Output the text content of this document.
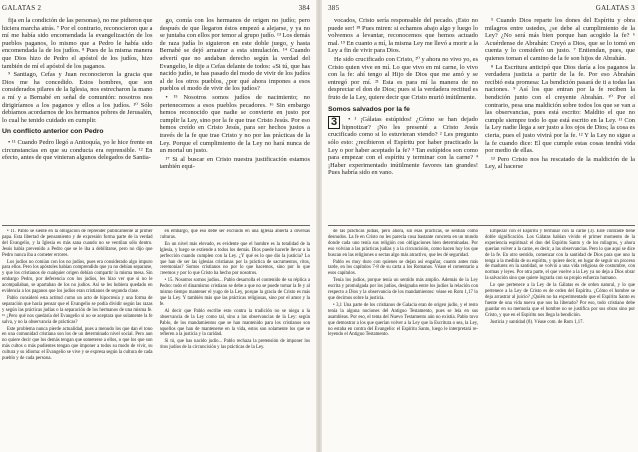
GALATAS 2	384

fija en la condición de las personas), no me pidieron que hiciera marcha atrás. ⁷ Por el contrario, reconocieron que a mí me había sido encomendada la evangelización de los pueblos paganos, lo mismo que a Pedro le había sido encomendada la de los judíos. ⁸ Pues de la misma manera que Dios hizo de Pedro el apóstol de los judíos, hizo también de mí el apóstol de los paganos.

⁹ Santiago, Cefas y Juan reconocieron la gracia que Dios me ha concedido. Estos hombres, que son considerados pilares de la Iglesia, nos estrecharon la mano a mí y a Bernabé en señal de comunión: nosotros nos dirigiríamos a los paganos y ellos a los judíos. ¹⁰ Sólo debíamos acordarnos de los hermanos pobres de Jerusalén, lo cual he tenido cuidado en cumplir.

Un conflicto anterior con Pedro

• ¹¹ Cuando Pedro llegó a Antioquía, yo le hice frente en circunstancias en que su conducta era reprensible. ¹² En efecto, antes de que vinieran algunos delegados de Santia-

go, comía con los hermanos de origen no judío; pero después de que llegaron éstos empezó a alejarse, y ya no se juntaba con ellos por temor al grupo judío. ¹³ Los demás de raza judía lo siguieron en este doble juego, y hasta Bernabé se dejó arrastrar a esta simulación. ¹⁴ Cuando advertí que no andaban derecho según la verdad del Evangelio, le dije a Cefas delante de todos: «Si tú, que has nacido judío, te has pasado del modo de vivir de los judíos al de los otros pueblos, ¿por qué ahora impones a esos pueblos el modo de vivir de los judíos?

• ¹⁵ Nosotros somos judíos de nacimiento; no pertenecemos a esos pueblos pecadores. ¹⁶ Sin embargo hemos reconocido que nadie se convierte en justo por cumplir la Ley, sino por la fe que trae Cristo Jesús. Por eso hemos creído en Cristo Jesús, para ser hechos justos a través de la fe que trae Cristo y no por las prácticas de la Ley. Porque el cumplimiento de la Ley no hará nunca de un mortal un justo.

¹⁷ Si al buscar en Cristo nuestra justificación estamos también equi-

• 11. Pablo se siente en la obligación de reprender públicamente al primer papa. Esta libertad de pensamiento y de expresión forma parte de la verdad del Evangelio, y la Iglesia es más sana cuando no se ventilan sólo dentro. Jesús había prevenido a Pedro que se le iba a debilitarse, pero no dijo que Pedro nunca iba a cometer errores.

Los judíos no comían con los no judíos, pues era considerado algo impuro para ellos. Pero los apóstoles habían comprendido que ya no debían separarse, y que los cristianos de cualquier origen debían compartir la misma mesa. Sin embargo Pedro, por deferencia con los judíos, les hizo ver que si no le acompañaban, se apartaban de los no judíos. Así se les hubiera quedado en evidencia a los paganos que los judíos eran cristianos de segunda clase.

Pablo consideró esta actitud como un acto de hipocresía y una forma de separación que hacía pensar que el Evangelio se podía dividir según las razas y según las prácticas judías o la separación de los hermanos de una misma fe. ¹⁶ ¿Pero qué nos quedaría del Evangelio si no se aceptara que solamente la fe salva, y no la observancia de prácticas?

Este problema nunca pierde actualidad, pues a menudo los que dan el tono en una comunidad cristiana son los de un determinado nivel social. Pero aun no quiere decir que los demás tengan que someterse a ellos, o que los que son más cultos o más pudientes tengan que imponer a todos su modo de vivir, su cultura y su idioma: el Evangelio se vive y se expresa según la cultura de cada pueblo y de cada persona.

en embargo, que eso debe ser excluido en una Iglesia abierta a diversas culturas.

En un nivel más elevado, es evidente que el hombre es la totalidad de la Iglesia, y luego se extiende a todos los demás. Dios puede hacerle llevar a la perfección cuando cumplen con la Ley. ¿Y qué es lo que dio la justicia? Lo que han de ser las iglesias cristianas por la práctica de sacramentos, ritos, ceremonias? Somos cristianos no por lo que hacemos, sino por lo que creemos y por lo que Cristo ha hecho por nosotros.

• 15. Nosotros somos judíos... Pablo desarrolla el contenido de su réplica a Pedro: todo el dinamismo cristiano se debe a que no se puede tomar la fe y al mismo tiempo mantener el yugo de la Ley, porque la gracia de Cristo es más que la Ley. Y también más que las prácticas religiosas, sino por el amor y la fe.

Al decir que Pablo escribe esto contra la tradición no se niega a la observancia de la Ley como tal, sino a las observancias de la Ley: según Pablo, de los mandamientos que se han mantenido para los cristianos son aquellos que han de mantenerse en la vida, estos son solamente los que se refieren a la justicia y la caridad.

Si tú, que has nacido judío... Pablo rechaza la pretensión de imponer los ritos judíos de la circuncisión y las prácticas de la Ley.

385	GALATAS 3

vocados, Cristo sería responsable del pecado. ¡Esto no puede ser! ¹⁸ Pues miren: si echamos abajo algo y luego lo volvemos a levantar, reconocemos que hemos actuado mal. ¹⁹ En cuanto a mí, la misma Ley me llevó a morir a la Ley a fin de vivir para Dios.

He sido crucificado con Cristo, ²⁰ y ahora no vivo yo, es Cristo quien vive en mí. Lo que vivo en mi carne, lo vivo con la fe: ahí tengo al Hijo de Dios que me amó y se entregó por mí. ²¹ Esta es para mí la manera de no despreciar el don de Dios; pues si la verdadera rectitud es fruto de la Ley, quiere decir que Cristo murió inútilmente.

Somos salvados por la fe
3	• ¹ ¡Gálatas estúpidos! ¿Cómo se han dejado hipnotizar? ¡No les presenté a Cristo Jesús crucificado como si lo estuvieran viendo? ² Les pregunto sólo esto: ¿recibieron el Espíritu por haber practicado la Ley o por haber aceptado la fe? ³ Tan estúpidos son como para empezar con el espíritu y terminar con la carne? ⁴ ¡Haber experimentado inútilmente favores tan grandes! Pues habría sido en vano.

⁵ Cuando Dios reparte los dones del Espíritu y obra milagros entre ustedes, ¿se debe al cumplimiento de la Ley? ¿No será más bien porque han acogido la fe? ⁶ Acuérdense de Abrahán: Creyó a Dios, que se lo tomó en cuenta y lo consideró un justo. ⁷ Entiendan, pues, que quienes toman el camino de la fe son hijos de Abrahán.

⁸ La Escritura anticipó que Dios daría a los paganos la verdadera justicia a partir de la fe. Por eso Abrahán recibió esta promesa: La bendición pasará de ti a todas las naciones. ⁹ Así los que entran por la fe reciben la bendición junto con el creyente Abrahán. ¹⁰ Por el contrario, pesa una maldición sobre todos los que se van a las observancias, pues está escrito: Maldito el que no cumple siempre todo lo que está escrito en la Ley. ¹¹ Con la Ley nadie llega a ser justo a los ojos de Dios; la cosa es cierta, pues el justo vivirá por la fe. ¹² Y la Ley no sigue a la fe cuando dice: El que cumple estas cosas tendrá vida por medio de ellas.

¹³ Pero Cristo nos ha rescatado de la maldición de la Ley, al hacerse

de las prácticas judías, pero ahora, sin esas prácticas, se sentían como desnudos. La fe en Cristo no les parecía cosa bastante concreta en un mundo donde cada uno tenía sus religión con obligaciones bien determinadas. Por eso volvían a las prácticas judías y a la circuncisión, como hacen hoy los que buscan en las religiones o sectas algo más atractivo, que les dé seguridad.

Pablo es muy duro con quienes se dejan así engañar, cuanto antes más tarde, en los capítulos 7-8 de su carta a los Romanos. Véase el comentario a esos capítulos.

Tenía los judíos, porque tenía un sentido más amplio. Además de la Ley escrita y promulgada por los judíos, designaba entre los judíos la relación con respecto a Dios y la observancia de los mandamientos: véase en Rom 1,17 lo que decimos sobre la justicia.

• 3,1 Una parte de los cristianos de Galacia eran de origen judío, y el resto tenía la alguna nociones del Antiguo Testamento, pues se leía en sus asambleas. Por eso, el tema del Nuevo Testamento aún no existía. Pablo tuvo que demostrar a los que querían volver a la Ley que la Escritura o sea, la Ley, no estaba en contra del Evangelio: el Espíritu Santo, luego le interpretará re-leyendo el Antiguo Testamento.

Empezar con el Espíritu y terminar con la carne (3). Este contraste tiene doble significación. Los Gálatas habían vivido el primer momento de la experiencia espiritual: el don del Espíritu Santo y de los milagros, y ahora querían volver a la carne, es decir, a las observancias. Pero lo que aquí se dice de la fe. En otro sentido, comenzar con la santidad de Dios para que uno la tenga a la medida de su espíritu, y quiere decir, en lugar de seguir un proceso de madurez en la santidad, se volvió a una vida religiosa de costumbre, con normas y leyes. Por otra parte, el que vuelve a la Ley ya no deja a Dios obrar la salvación sino que quiere lograrla con su propio esfuerzo humano.

Lo que pertenece a la Ley de la Gálatas es de orden natural, y lo que pertenece a la Ley de Cristo es de orden del Espíritu. ¿Cómo el hombre se deja arrastrar al juicio? ¿Quién no ha experimentado que el Espíritu Santo es fuente de una vida nueva que nos ha liberado? Por eso, todo cristiano debe guardar en su memoria que el hombre no se justifica por sus obras sino por Cristo, y que en el Espíritu nos llega la bendición.

Justicia y santidad (8). Véase com. de Rom 1,17.
